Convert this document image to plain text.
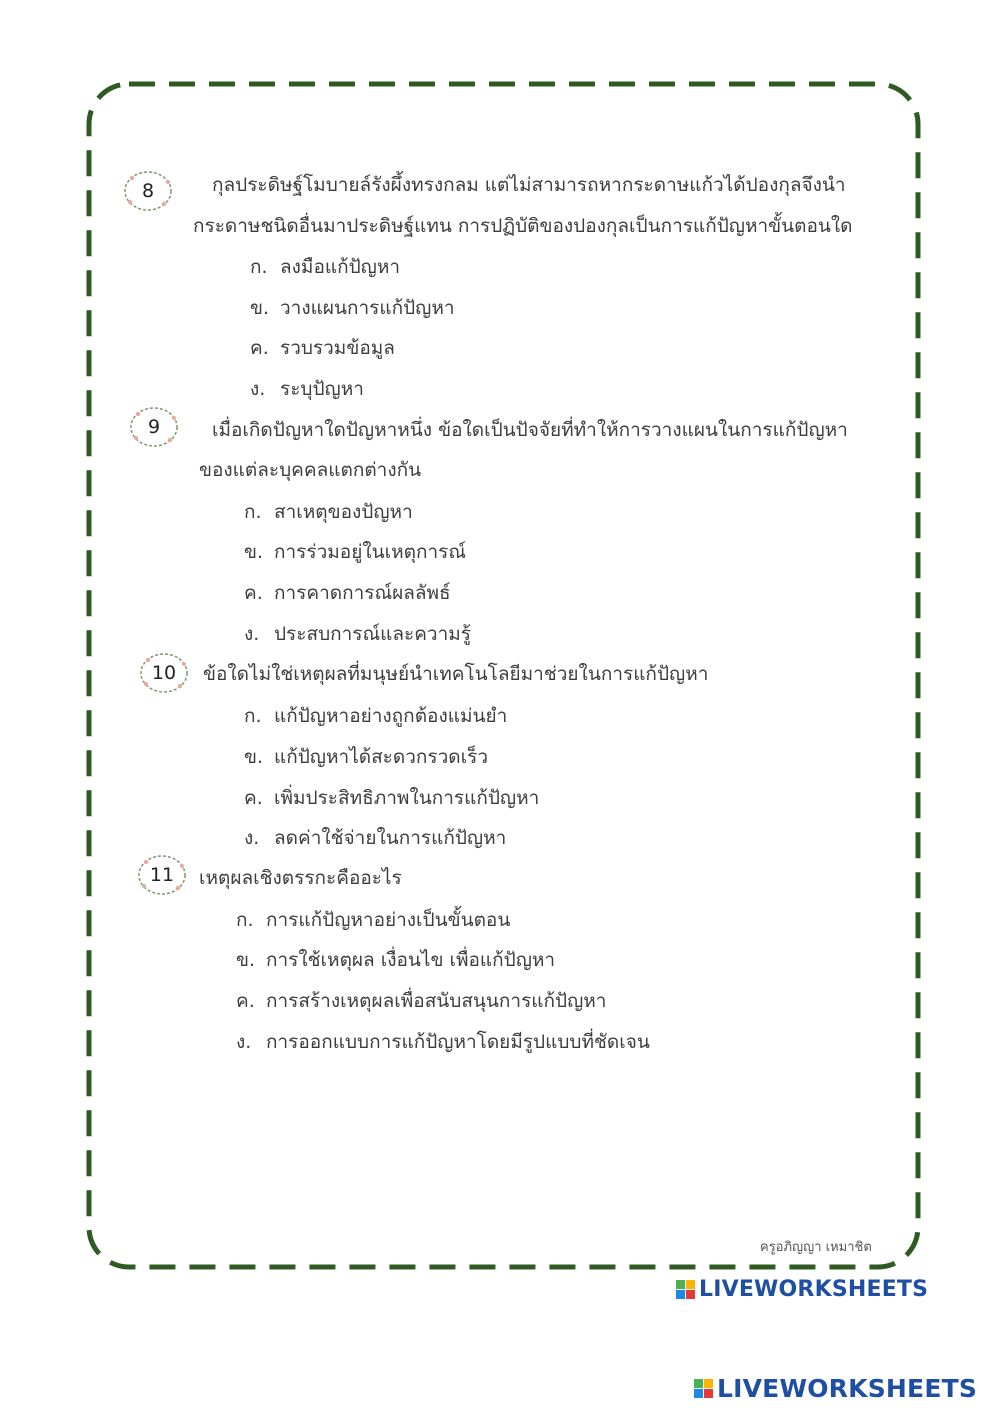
8	กุลประดิษฐ์โมบายล์รังผึ้งทรงกลม แต่ไม่สามารถหากระดาษแก้วได้ปองกุลจึงนำ
กระดาษชนิดอื่นมาประดิษฐ์แทน การปฏิบัติของปองกุลเป็นการแก้ปัญหาขั้นตอนใด
ก. ลงมือแก้ปัญหา
ข. วางแผนการแก้ปัญหา
ค. รวบรวมข้อมูล
ง. ระบุปัญหา
9	เมื่อเกิดปัญหาใดปัญหาหนึ่ง ข้อใดเป็นปัจจัยที่ทำให้การวางแผนในการแก้ปัญหา
ของแต่ละบุคคลแตกต่างกัน
ก. สาเหตุของปัญหา
ข. การร่วมอยู่ในเหตุการณ์
ค. การคาดการณ์ผลลัพธ์
ง. ประสบการณ์และความรู้
10	ข้อใดไม่ใช่เหตุผลที่มนุษย์นำเทคโนโลยีมาช่วยในการแก้ปัญหา
ก. แก้ปัญหาอย่างถูกต้องแม่นยำ
ข. แก้ปัญหาได้สะดวกรวดเร็ว
ค. เพิ่มประสิทธิภาพในการแก้ปัญหา
ง. ลดค่าใช้จ่ายในการแก้ปัญหา
11	เหตุผลเชิงตรรกะคืออะไร
ก. การแก้ปัญหาอย่างเป็นขั้นตอน
ข. การใช้เหตุผล เงื่อนไข เพื่อแก้ปัญหา
ค. การสร้างเหตุผลเพื่อสนับสนุนการแก้ปัญหา
ง. การออกแบบการแก้ปัญหาโดยมีรูปแบบที่ชัดเจน
ครูอภิญญา เหมาชิต
LIVEWORKSHEETS
LIVEWORKSHEETS
